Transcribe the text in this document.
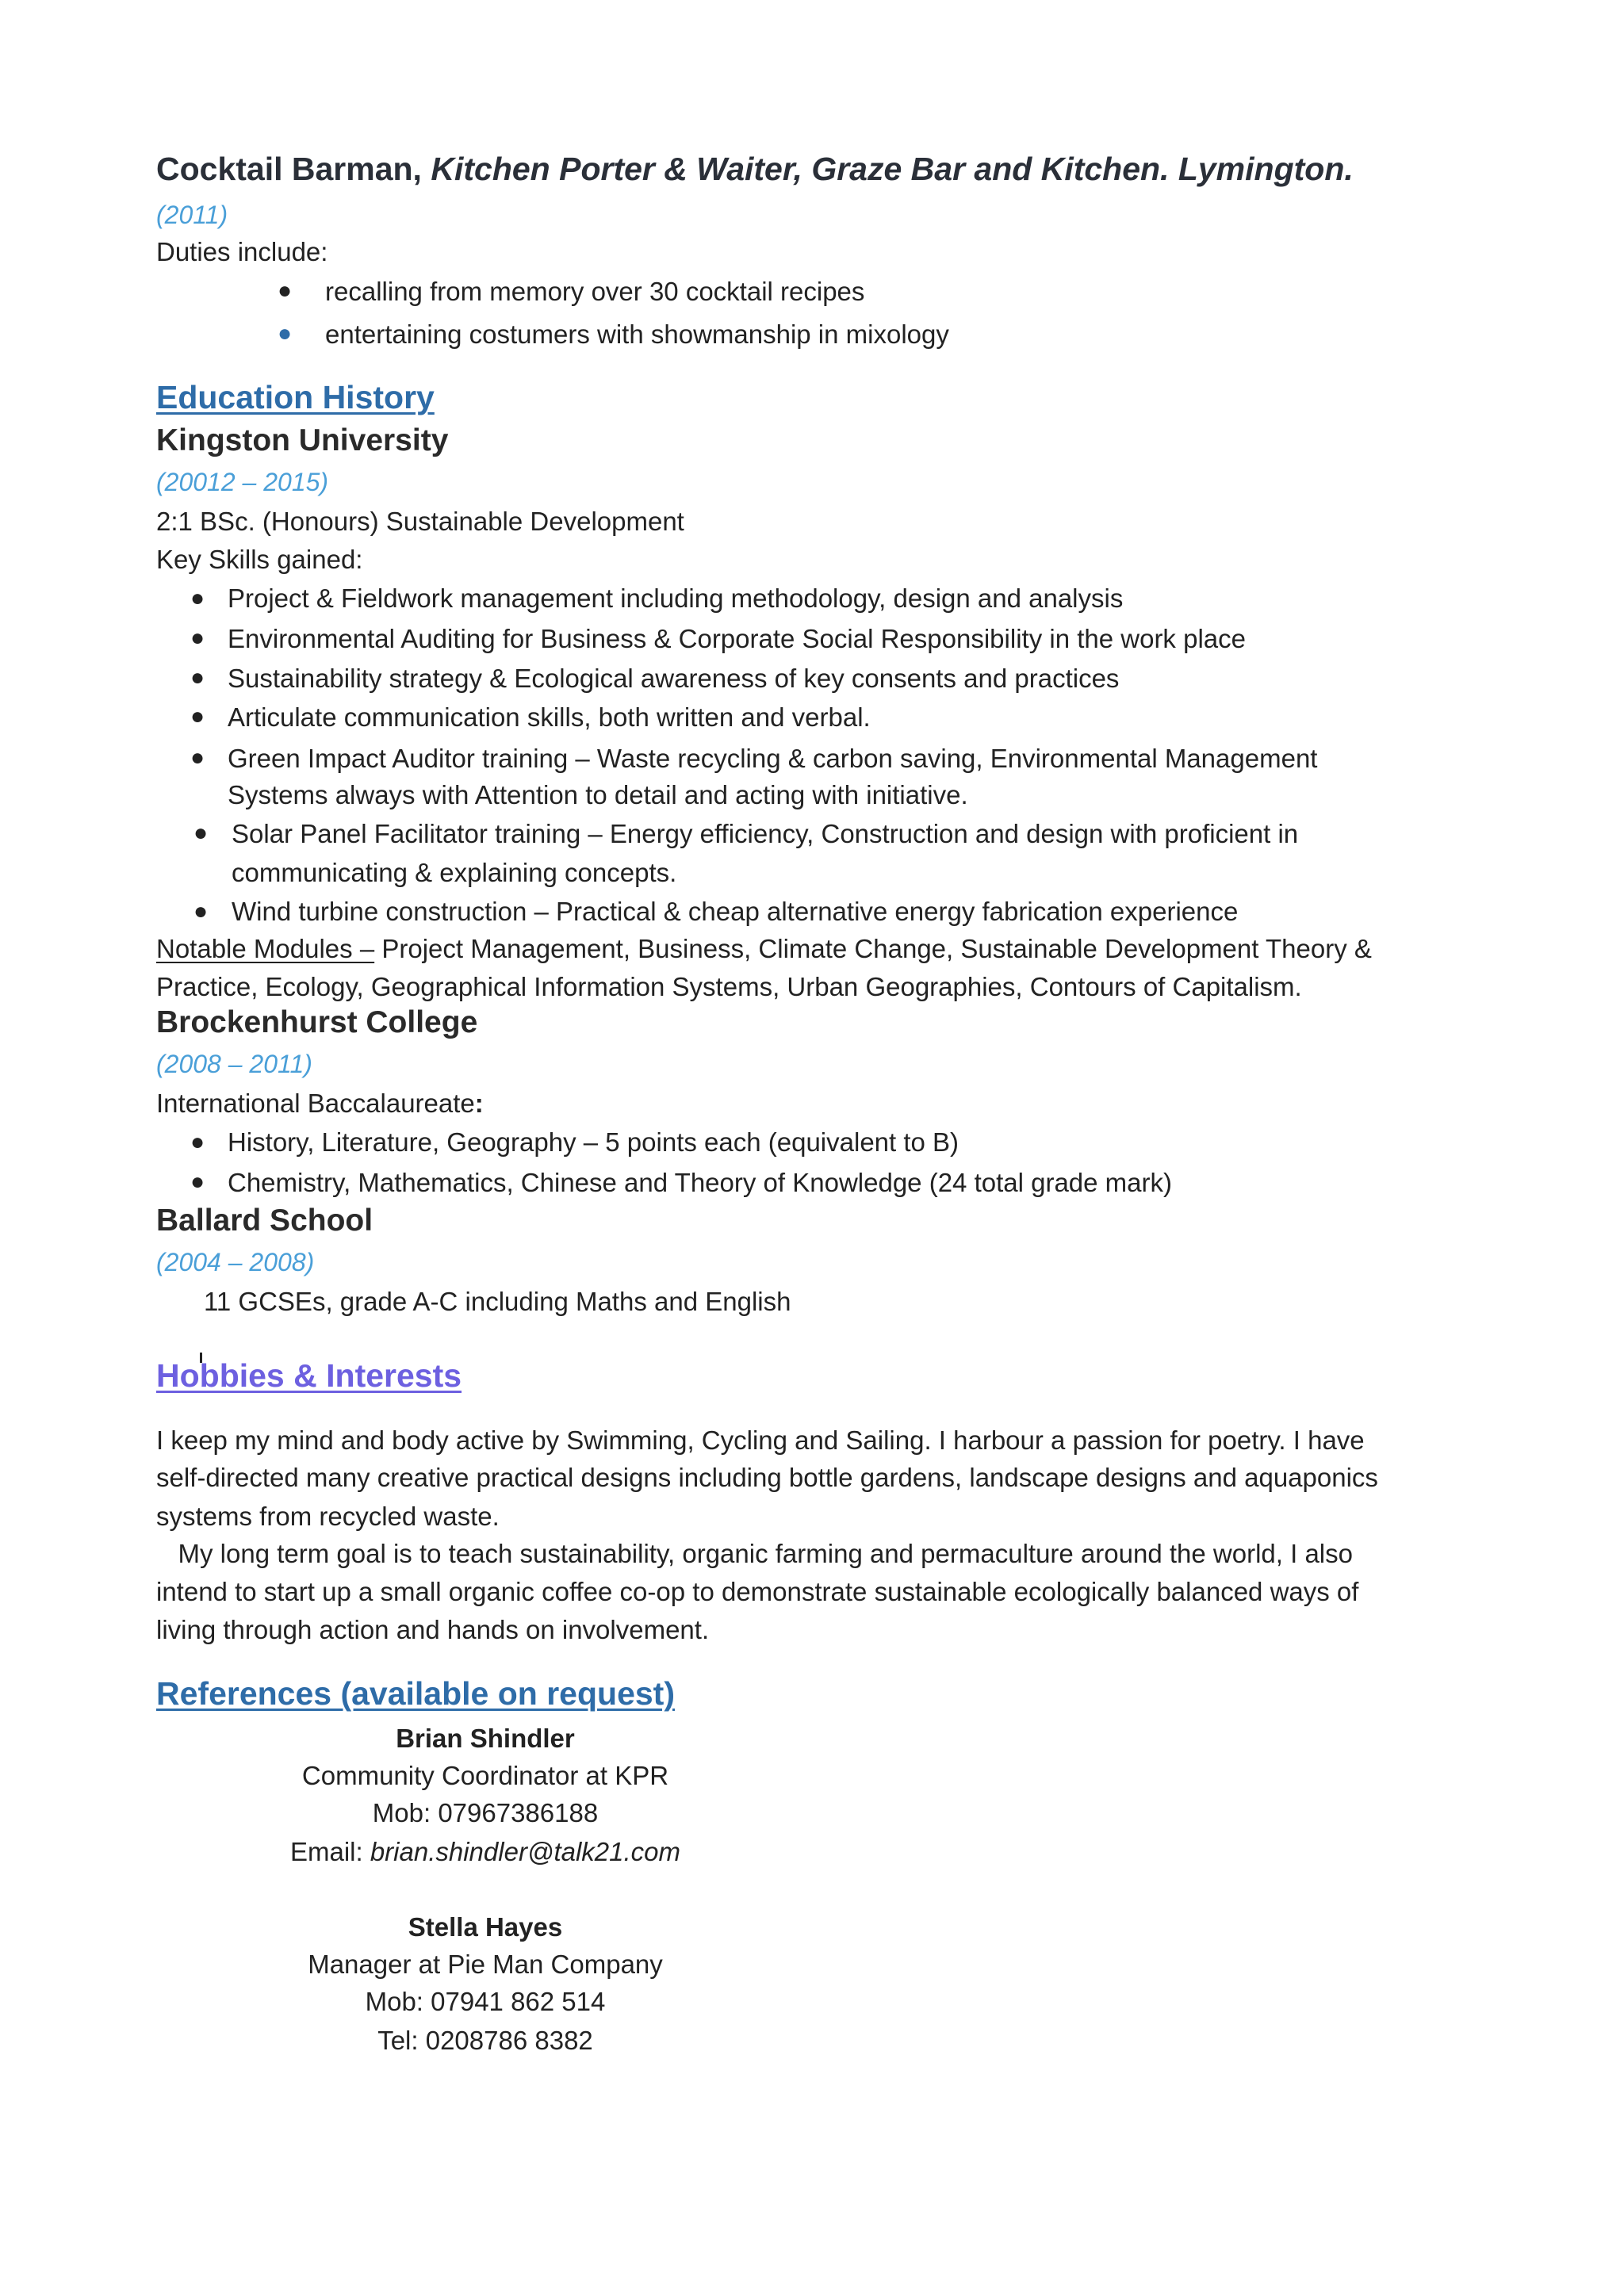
Cocktail Barman, Kitchen Porter & Waiter, Graze Bar and Kitchen. Lymington.
(2011)
Duties include:
● recalling from memory over 30 cocktail recipes
● entertaining costumers with showmanship in mixology
Education History
Kingston University
(20012 – 2015)
2:1 BSc. (Honours) Sustainable Development
Key Skills gained:
● Project & Fieldwork management including methodology, design and analysis
● Environmental Auditing for Business & Corporate Social Responsibility in the work place
● Sustainability strategy & Ecological awareness of key consents and practices
● Articulate communication skills, both written and verbal.
● Green Impact Auditor training – Waste recycling & carbon saving, Environmental Management
Systems always with Attention to detail and acting with initiative.
● Solar Panel Facilitator training – Energy efficiency, Construction and design with proficient in
communicating & explaining concepts.
● Wind turbine construction – Practical & cheap alternative energy fabrication experience
Notable Modules – Project Management, Business, Climate Change, Sustainable Development Theory &
Practice, Ecology, Geographical Information Systems, Urban Geographies, Contours of Capitalism.
Brockenhurst College
(2008 – 2011)
International Baccalaureate:
● History, Literature, Geography – 5 points each (equivalent to B)
● Chemistry, Mathematics, Chinese and Theory of Knowledge (24 total grade mark)
Ballard School
(2004 – 2008)
11 GCSEs, grade A-C including Maths and English
Hobbies & Interests
I keep my mind and body active by Swimming, Cycling and Sailing. I harbour a passion for poetry. I have
self-directed many creative practical designs including bottle gardens, landscape designs and aquaponics
systems from recycled waste.
My long term goal is to teach sustainability, organic farming and permaculture around the world, I also
intend to start up a small organic coffee co-op to demonstrate sustainable ecologically balanced ways of
living through action and hands on involvement.
References (available on request)
Brian Shindler
Community Coordinator at KPR
Mob: 07967386188
Email: brian.shindler@talk21.com
Stella Hayes
Manager at Pie Man Company
Mob: 07941 862 514
Tel: 0208786 8382
